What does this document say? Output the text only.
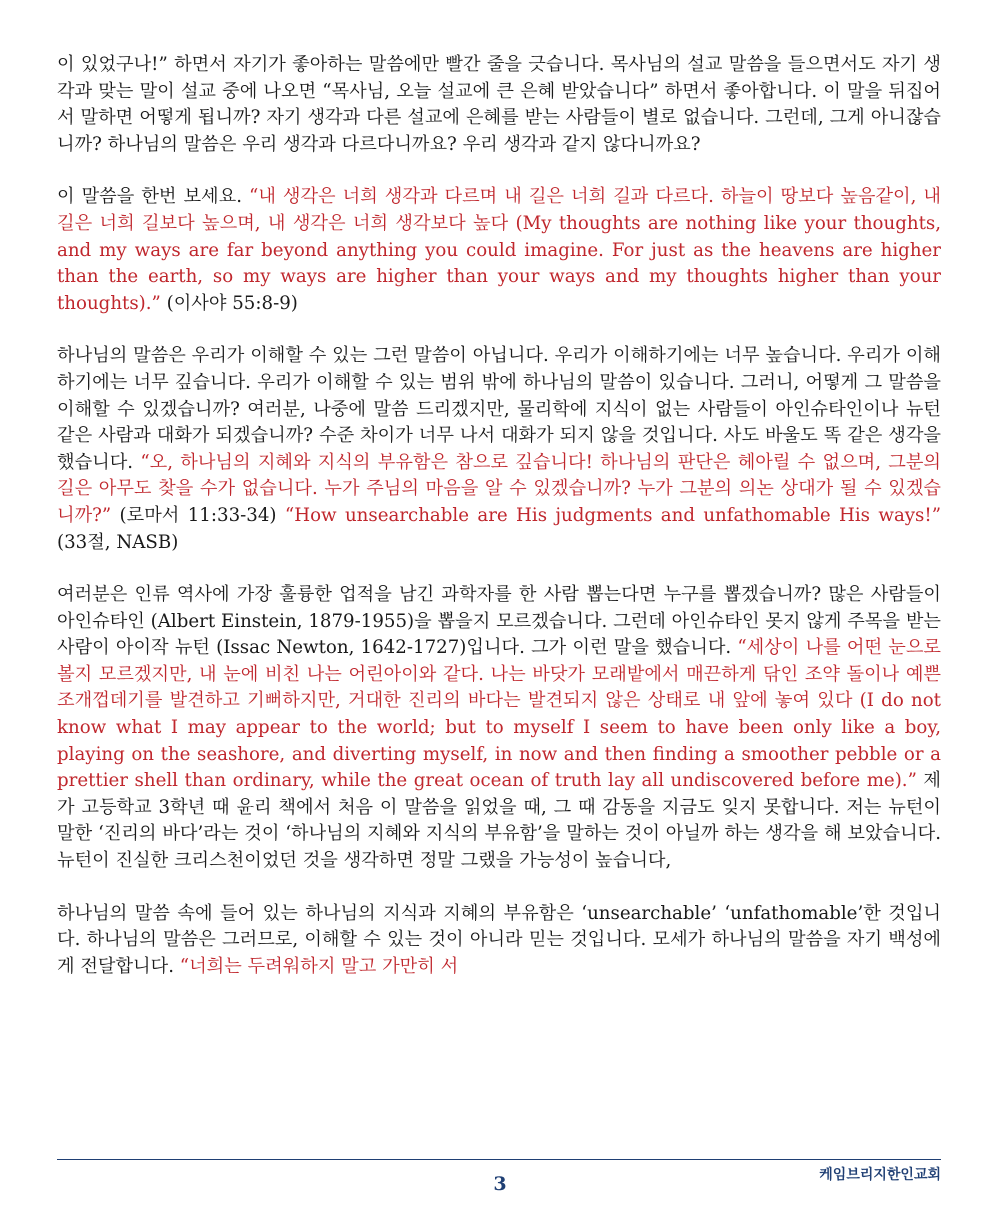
이 있었구나!” 하면서 자기가 좋아하는 말씀에만 빨간 줄을 긋습니다. 목사님의 설교 말씀을 들으면서도 자기 생각과 맞는 말이 설교 중에 나오면 “목사님, 오늘 설교에 큰 은혜 받았습니다” 하면서 좋아합니다. 이 말을 뒤집어서 말하면 어떻게 됩니까? 자기 생각과 다른 설교에 은혜를 받는 사람들이 별로 없습니다. 그런데, 그게 아니잖습니까? 하나님의 말씀은 우리 생각과 다르다니까요? 우리 생각과 같지 않다니까요?

이 말씀을 한번 보세요. “내 생각은 너희 생각과 다르며 내 길은 너희 길과 다르다. 하늘이 땅보다 높음같이, 내 길은 너희 길보다 높으며, 내 생각은 너희 생각보다 높다 (My thoughts are nothing like your thoughts, and my ways are far beyond anything you could imagine. For just as the heavens are higher than the earth, so my ways are higher than your ways and my thoughts higher than your thoughts).” (이사야 55:8-9)

하나님의 말씀은 우리가 이해할 수 있는 그런 말씀이 아닙니다. 우리가 이해하기에는 너무 높습니다. 우리가 이해하기에는 너무 깊습니다. 우리가 이해할 수 있는 범위 밖에 하나님의 말씀이 있습니다. 그러니, 어떻게 그 말씀을 이해할 수 있겠습니까? 여러분, 나중에 말씀 드리겠지만, 물리학에 지식이 없는 사람들이 아인슈타인이나 뉴턴 같은 사람과 대화가 되겠습니까? 수준 차이가 너무 나서 대화가 되지 않을 것입니다. 사도 바울도 똑 같은 생각을 했습니다. “오, 하나님의 지혜와 지식의 부유함은 참으로 깊습니다! 하나님의 판단은 헤아릴 수 없으며, 그분의 길은 아무도 찾을 수가 없습니다. 누가 주님의 마음을 알 수 있겠습니까? 누가 그분의 의논 상대가 될 수 있겠습니까?” (로마서 11:33-34) “How unsearchable are His judgments and unfathomable His ways!” (33절, NASB)

여러분은 인류 역사에 가장 훌륭한 업적을 남긴 과학자를 한 사람 뽑는다면 누구를 뽑겠습니까? 많은 사람들이 아인슈타인 (Albert Einstein, 1879-1955)을 뽑을지 모르겠습니다. 그런데 아인슈타인 못지 않게 주목을 받는 사람이 아이작 뉴턴 (Issac Newton, 1642-1727)입니다. 그가 이런 말을 했습니다. “세상이 나를 어떤 눈으로 볼지 모르겠지만, 내 눈에 비친 나는 어린아이와 같다. 나는 바닷가 모래밭에서 매끈하게 닦인 조약 돌이나 예쁜 조개껍데기를 발견하고 기뻐하지만, 거대한 진리의 바다는 발견되지 않은 상태로 내 앞에 놓여 있다 (I do not know what I may appear to the world; but to myself I seem to have been only like a boy, playing on the seashore, and diverting myself, in now and then finding a smoother pebble or a prettier shell than ordinary, while the great ocean of truth lay all undiscovered before me).” 제가 고등학교 3학년 때 윤리 책에서 처음 이 말씀을 읽었을 때, 그 때 감동을 지금도 잊지 못합니다. 저는 뉴턴이 말한 ‘진리의 바다’라는 것이 ‘하나님의 지혜와 지식의 부유함’을 말하는 것이 아닐까 하는 생각을 해 보았습니다. 뉴턴이 진실한 크리스천이었던 것을 생각하면 정말 그랬을 가능성이 높습니다,

하나님의 말씀 속에 들어 있는 하나님의 지식과 지혜의 부유함은 ‘unsearchable’ ‘unfathomable’한 것입니다. 하나님의 말씀은 그러므로, 이해할 수 있는 것이 아니라 믿는 것입니다. 모세가 하나님의 말씀을 자기 백성에게 전달합니다. “너희는 두려워하지 말고 가만히 서

3	케임브리지한인교회
